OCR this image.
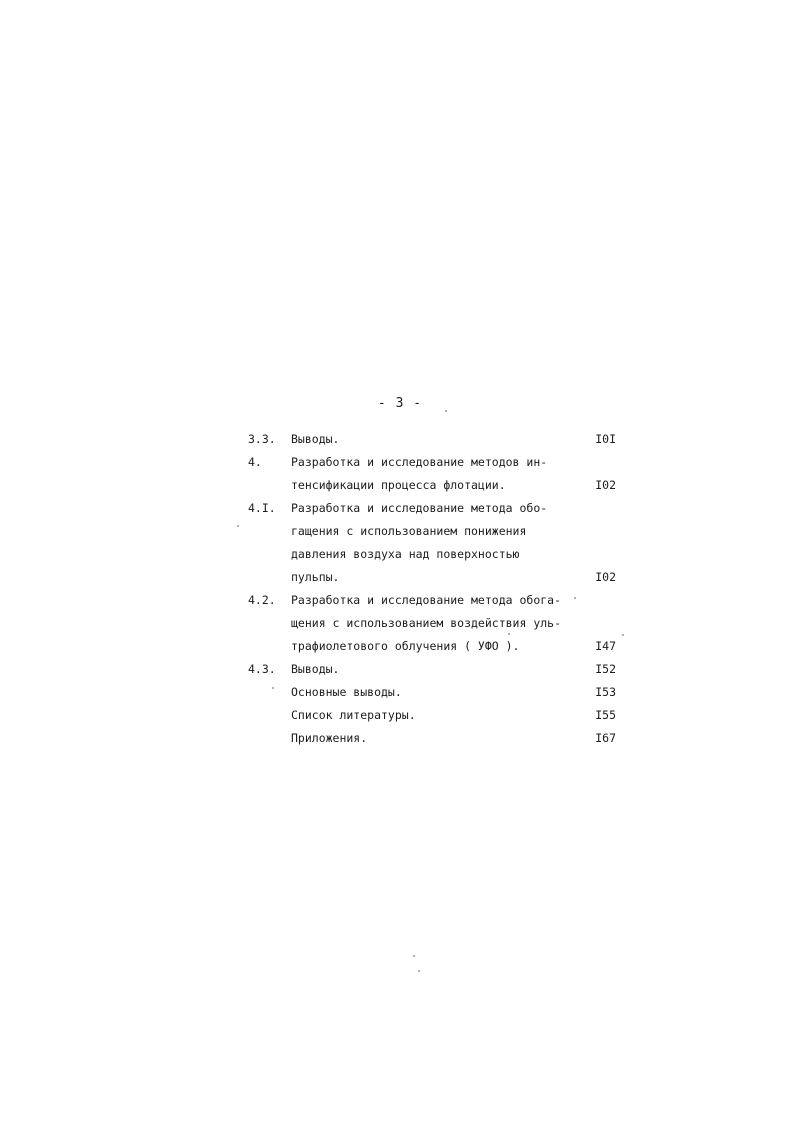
- 3 -
3.3. Выводы.	I0I
4.	Разработка и исследование методов ин-
тенсификации процесса флотации.	I02
4.I. Разработка и исследование метода обо-
гащения с использованием понижения
давления воздуха над поверхностью
пульпы.	I02
4.2. Разработка и исследование метода обога-
щения с использованием воздействия уль-
трафиолетового облучения ( УФО ).	I47
4.3. Выводы.	I52
Основные выводы.	I53
Список литературы.	I55
Приложения.	I67
